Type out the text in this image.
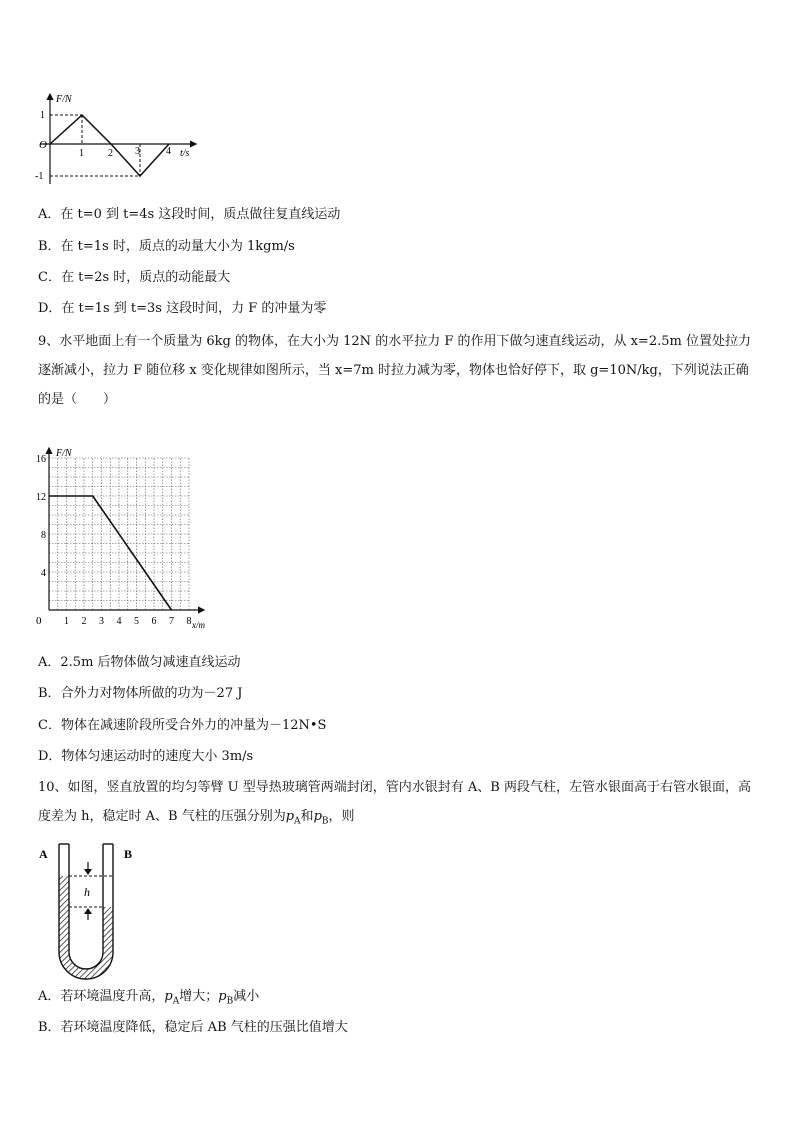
F/N
1
-1
O
1 2 3	4 t/s
A．在 t=0 到 t=4s 这段时间，质点做往复直线运动
B．在 t=1s 时，质点的动量大小为 1kgm/s
C．在 t=2s 时，质点的动能最大
D．在 t=1s 到 t=3s 这段时间，力 F 的冲量为零
9、水平地面上有一个质量为 6kg 的物体，在大小为 12N 的水平拉力 F 的作用下做匀速直线运动，从 x=2.5m 位置处拉力逐渐减小，拉力 F 随位移 x 变化规律如图所示，当 x=7m 时拉力减为零，物体也恰好停下，取 g=10N/kg，下列说法正确的是（　　）
F/N
0
16
12
8
4
1 2 3 4 5 6 7 8 x/m
A．2.5m 后物体做匀减速直线运动
B．合外力对物体所做的功为－27 J
C．物体在减速阶段所受合外力的冲量为－12N•S
D．物体匀速运动时的速度大小 3m/s
10、如图，竖直放置的均匀等臂 U 型导热玻璃管两端封闭，管内水银封有 A、B 两段气柱，左管水银面高于右管水银面，高度差为 h，稳定时 A、B 气柱的压强分别为$p_A$和$p_B$，则
h
A	B
A．若环境温度升高，$p_A$增大；$p_B$减小
B．若环境温度降低，稳定后 AB 气柱的压强比值增大
